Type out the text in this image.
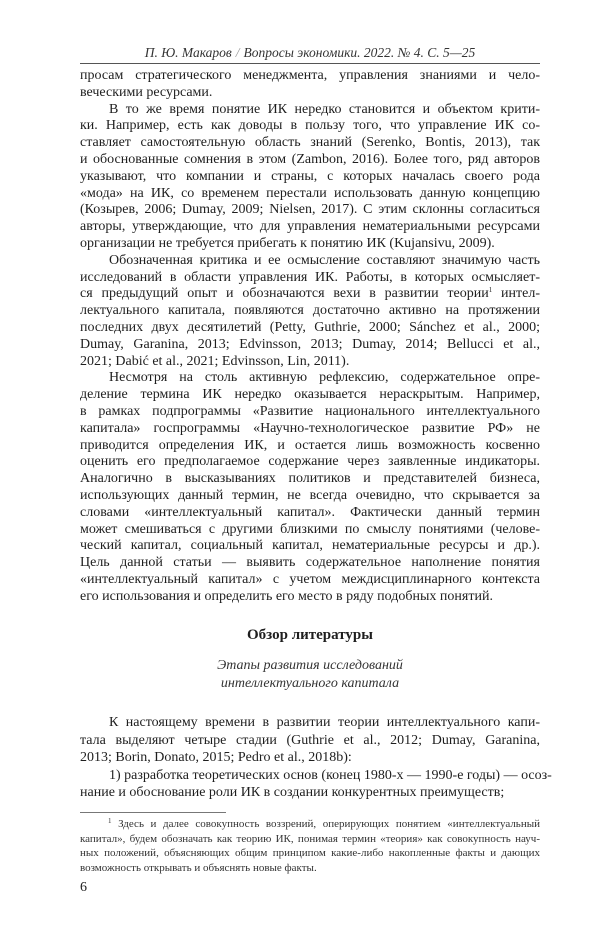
П. Ю. Макаров / Вопросы экономики. 2022. № 4. С. 5—25
просам стратегического менеджмента, управления знаниями и чело-
веческими ресурсами.
В то же время понятие ИК нередко становится и объектом крити-
ки. Например, есть как доводы в пользу того, что управление ИК со-
ставляет самостоятельную область знаний (Serenko, Bontis, 2013), так
и обоснованные сомнения в этом (Zambon, 2016). Более того, ряд авторов
указывают, что компании и страны, с которых началась своего рода
«мода» на ИК, со временем перестали использовать данную концепцию
(Козырев, 2006; Dumay, 2009; Nielsen, 2017). С этим склонны согласиться
авторы, утверждающие, что для управления нематериальными ресурсами
организации не требуется прибегать к понятию ИК (Kujansivu, 2009).
Обозначенная критика и ее осмысление составляют значимую часть
исследований в области управления ИК. Работы, в которых осмысляет-
ся предыдущий опыт и обозначаются вехи в развитии теории$^1$ интел-
лектуального капитала, появляются достаточно активно на протяжении
последних двух десятилетий (Petty, Guthrie, 2000; Sánchez et al., 2000;
Dumay, Garanina, 2013; Edvinsson, 2013; Dumay, 2014; Bellucci et al.,
2021; Dabić et al., 2021; Edvinsson, Lin, 2011).
Несмотря на столь активную рефлексию, содержательное опре-
деление термина ИК нередко оказывается нераскрытым. Например,
в рамках подпрограммы «Развитие национального интеллектуального
капитала» госпрограммы «Научно-технологическое развитие РФ» не
приводится определения ИК, и остается лишь возможность косвенно
оценить его предполагаемое содержание через заявленные индикаторы.
Аналогично в высказываниях политиков и представителей бизнеса,
использующих данный термин, не всегда очевидно, что скрывается за
словами «интеллектуальный капитал». Фактически данный термин
может смешиваться с другими близкими по смыслу понятиями (челове-
ческий капитал, социальный капитал, нематериальные ресурсы и др.).
Цель данной статьи — выявить содержательное наполнение понятия
«интеллектуальный капитал» с учетом междисциплинарного контекста
его использования и определить его место в ряду подобных понятий.
Обзор литературы
Этапы развития исследований
интеллектуального капитала
К настоящему времени в развитии теории интеллектуального капи-
тала выделяют четыре стадии (Guthrie et al., 2012; Dumay, Garanina,
2013; Borin, Donato, 2015; Pedro et al., 2018b):
1) разработка теоретических основ (конец 1980-х — 1990-е годы) — осоз-
нание и обоснование роли ИК в создании конкурентных преимуществ;
$^1$ Здесь и далее совокупность воззрений, оперирующих понятием «интеллектуальный
капитал», будем обозначать как теорию ИК, понимая термин «теория» как совокупность науч-
ных положений, объясняющих общим принципом какие-либо накопленные факты и дающих
возможность открывать и объяснять новые факты.
6
